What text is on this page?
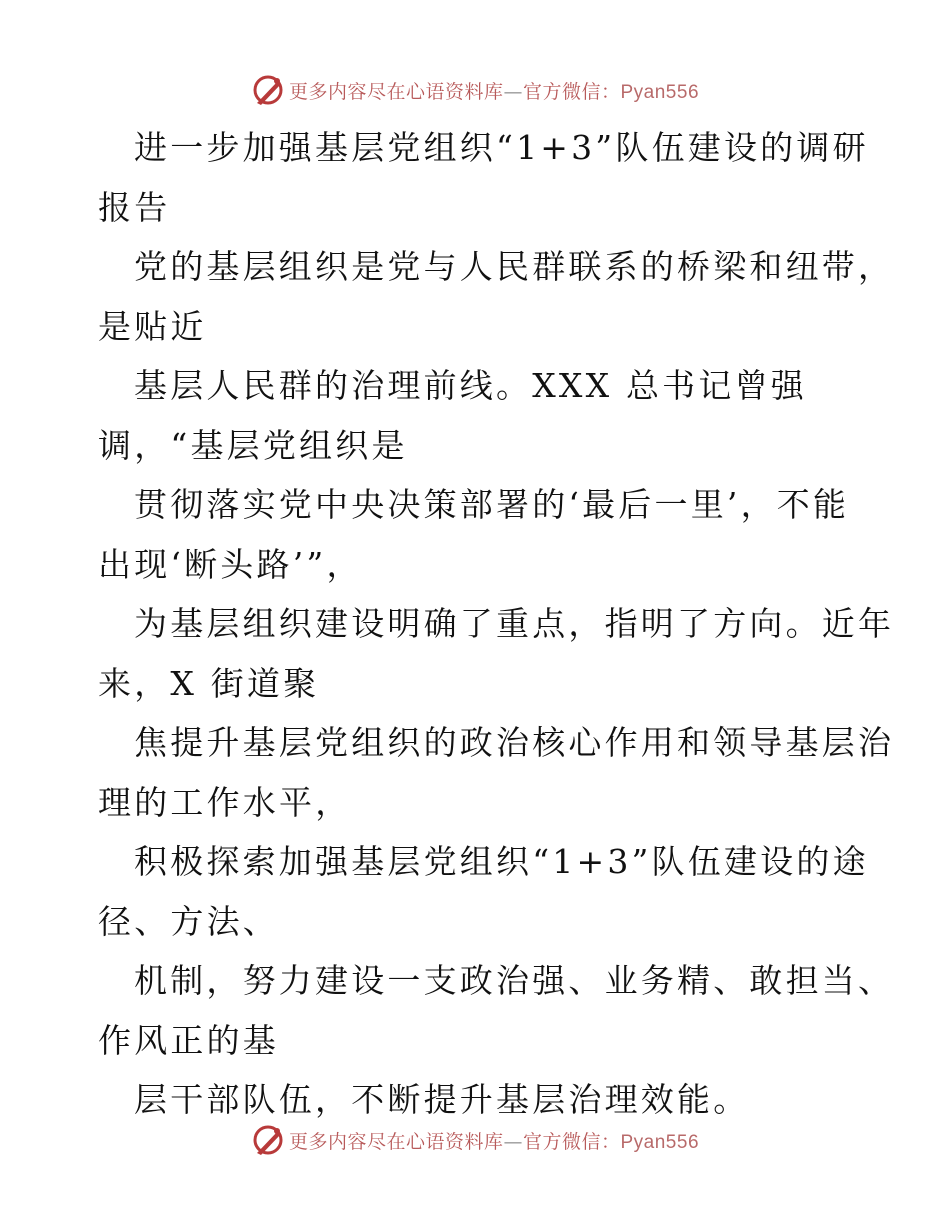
更多内容尽在心语资料库—官方微信：Pyan556
进一步加强基层党组织“1+3”队伍建设的调研
报告
党的基层组织是党与人民群联系的桥梁和纽带，
是贴近
基层人民群的治理前线。XXX 总书记曾强
调，“基层党组织是
贯彻落实党中央决策部署的‘最后一里’，不能
出现‘断头路’”，
为基层组织建设明确了重点，指明了方向。近年
来，X 街道聚
焦提升基层党组织的政治核心作用和领导基层治
理的工作水平，
积极探索加强基层党组织“1+3”队伍建设的途
径、方法、
机制，努力建设一支政治强、业务精、敢担当、
作风正的基
层干部队伍，不断提升基层治理效能。
更多内容尽在心语资料库—官方微信：Pyan556
